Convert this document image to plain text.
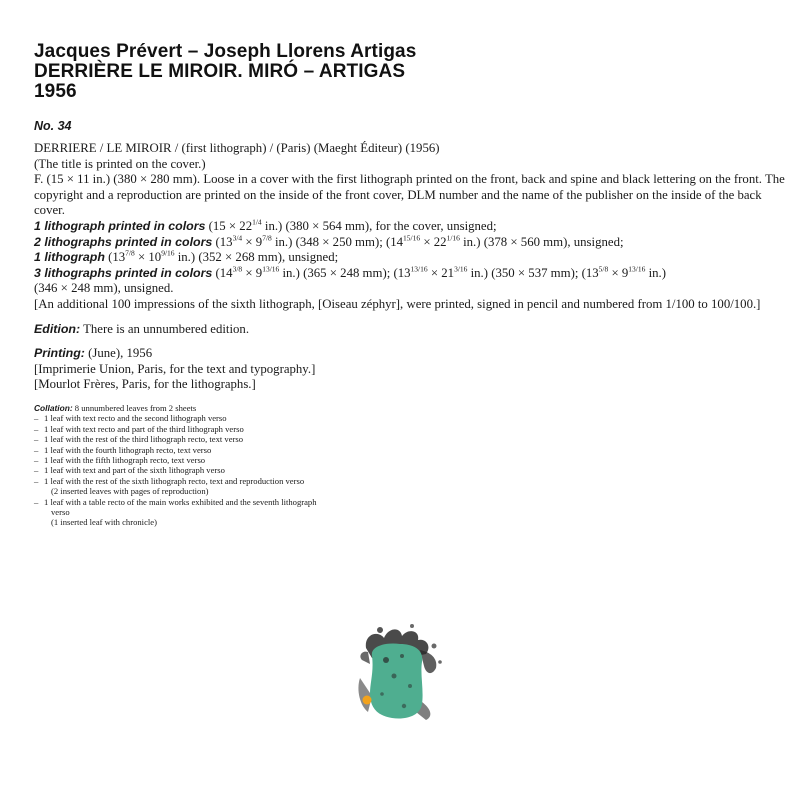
Jacques Prévert – Joseph Llorens Artigas
DERRIÈRE LE MIROIR. MIRÓ – ARTIGAS
1956
No. 34
DERRIERE / LE MIROIR / (first lithograph) / (Paris) (Maeght Éditeur) (1956)
(The title is printed on the cover.)
F. (15 × 11 in.) (380 × 280 mm). Loose in a cover with the first lithograph printed on the front, back and spine and black lettering on the front. The copyright and a reproduction are printed on the inside of the front cover, DLM number and the name of the publisher on the inside of the back cover.
1 lithograph printed in colors ($15 \times 22^{1/4}$ in.) (380 × 564 mm), for the cover, unsigned;
2 lithographs printed in colors ($13^{3/4} \times 9^{7/8}$ in.) (348 × 250 mm); ($14^{15/16} \times 22^{1/16}$ in.) (378 × 560 mm), unsigned;
1 lithograph ($13^{7/8} \times 10^{9/16}$ in.) (352 × 268 mm), unsigned;
3 lithographs printed in colors ($14^{3/8} \times 9^{13/16}$ in.) (365 × 248 mm); ($13^{13/16} \times 21^{3/16}$ in.) (350 × 537 mm); ($13^{5/8} \times 9^{13/16}$ in.)
(346 × 248 mm), unsigned.
[An additional 100 impressions of the sixth lithograph, [Oiseau zéphyr], were printed, signed in pencil and numbered from 1/100 to 100/100.]
Edition: There is an unnumbered edition.
Printing: (June), 1956
[Imprimerie Union, Paris, for the text and typography.]
[Mourlot Frères, Paris, for the lithographs.]
Collation: 8 unnumbered leaves from 2 sheets
– 1 leaf with text recto and the second lithograph verso
– 1 leaf with text recto and part of the third lithograph verso
– 1 leaf with the rest of the third lithograph recto, text verso
– 1 leaf with the fourth lithograph recto, text verso
– 1 leaf with the fifth lithograph recto, text verso
– 1 leaf with text and part of the sixth lithograph verso
– 1 leaf with the rest of the sixth lithograph recto, text and reproduction verso
(2 inserted leaves with pages of reproduction)
– 1 leaf with a table recto of the main works exhibited and the seventh lithograph
verso
(1 inserted leaf with chronicle)
